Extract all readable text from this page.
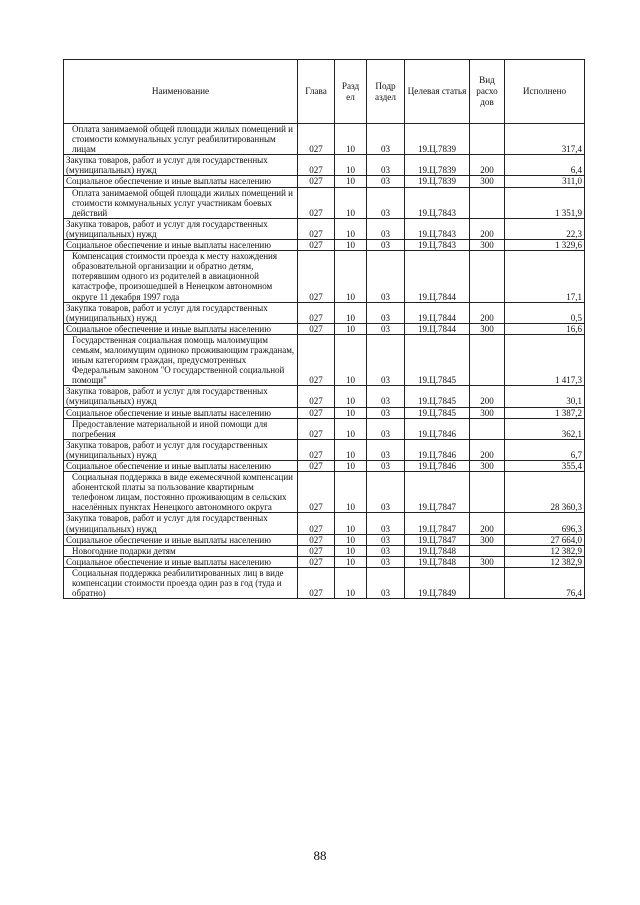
Наименование	Глава	Разд ел	Подр аздел	Целевая статья	Вид расхо дов	Исполнено
Оплата занимаемой общей площади жилых помещений и стоимости коммунальных услуг реабилитированным лицам	027	10	03	19.Ц.7839		317,4
Закупка товаров, работ и услуг для государственных (муниципальных) нужд	027	10	03	19.Ц.7839	200	6,4
Социальное обеспечение и иные выплаты населению	027	10	03	19.Ц.7839	300	311,0
Оплата занимаемой общей площади жилых помещений и стоимости коммунальных услуг участникам боевых действий	027	10	03	19.Ц.7843		1 351,9
Закупка товаров, работ и услуг для государственных (муниципальных) нужд	027	10	03	19.Ц.7843	200	22,3
Социальное обеспечение и иные выплаты населению	027	10	03	19.Ц.7843	300	1 329,6
Компенсация стоимости проезда к месту нахождения образовательной организации и обратно детям, потерявшим одного из родителей в авиационной катастрофе, произошедшей в Ненецком автономном округе 11 декабря 1997 года	027	10	03	19.Ц.7844		17,1
Закупка товаров, работ и услуг для государственных (муниципальных) нужд	027	10	03	19.Ц.7844	200	0,5
Социальное обеспечение и иные выплаты населению	027	10	03	19.Ц.7844	300	16,6
Государственная социальная помощь малоимущим семьям, малоимущим одиноко проживающим гражданам, иным категориям граждан, предусмотренных Федеральным законом "О государственной социальной помощи"	027	10	03	19.Ц.7845		1 417,3
Закупка товаров, работ и услуг для государственных (муниципальных) нужд	027	10	03	19.Ц.7845	200	30,1
Социальное обеспечение и иные выплаты населению	027	10	03	19.Ц.7845	300	1 387,2
Предоставление материальной и иной помощи для погребения	027	10	03	19.Ц.7846		362,1
Закупка товаров, работ и услуг для государственных (муниципальных) нужд	027	10	03	19.Ц.7846	200	6,7
Социальное обеспечение и иные выплаты населению	027	10	03	19.Ц.7846	300	355,4
Социальная поддержка в виде ежемесячной компенсации абонентской платы за пользование квартирным телефоном лицам, постоянно проживающим в сельских населённых пунктах Ненецкого автономного округа	027	10	03	19.Ц.7847		28 360,3
Закупка товаров, работ и услуг для государственных (муниципальных) нужд	027	10	03	19.Ц.7847	200	696,3
Социальное обеспечение и иные выплаты населению	027	10	03	19.Ц.7847	300	27 664,0
Новогодние подарки детям	027	10	03	19.Ц.7848		12 382,9
Социальное обеспечение и иные выплаты населению	027	10	03	19.Ц.7848	300	12 382,9
Социальная поддержка реабилитированных лиц в виде компенсации стоимости проезда один раз в год (туда и обратно)	027	10	03	19.Ц.7849		76,4
88
